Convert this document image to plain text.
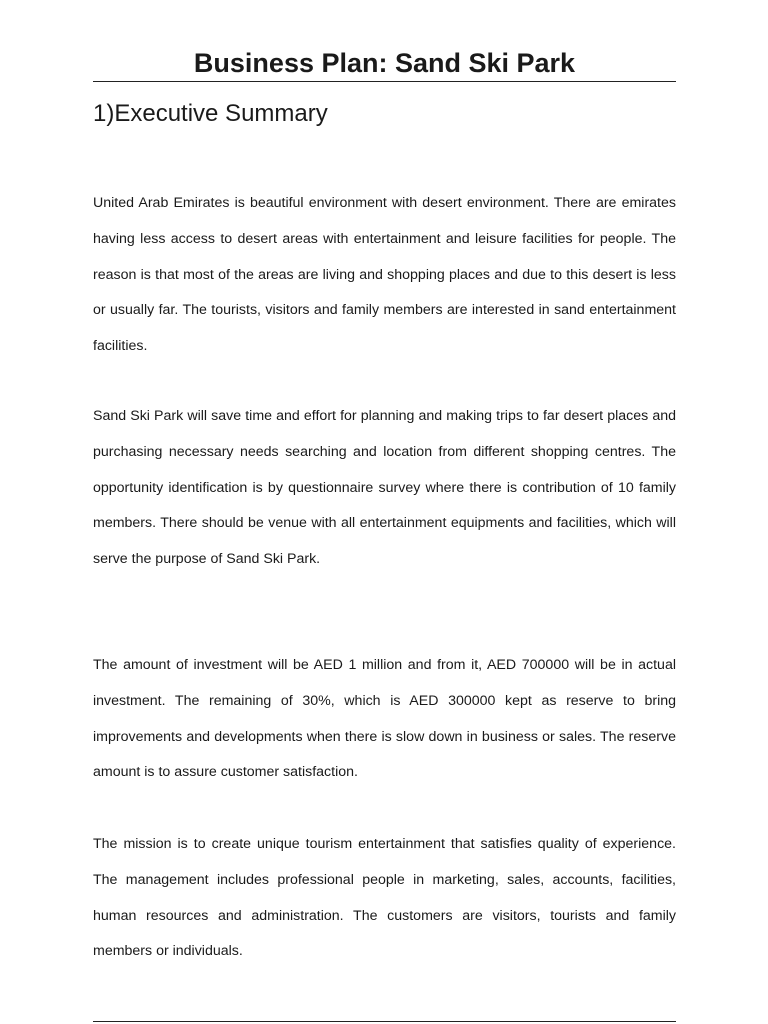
Business Plan: Sand Ski Park
1)Executive Summary

United Arab Emirates is beautiful environment with desert environment. There are emirates having less access to desert areas with entertainment and leisure facilities for people. The reason is that most of the areas are living and shopping places and due to this desert is less or usually far. The tourists, visitors and family members are interested in sand entertainment facilities.

Sand Ski Park will save time and effort for planning and making trips to far desert places and purchasing necessary needs searching and location from different shopping centres. The opportunity identification is by questionnaire survey where there is contribution of 10 family members. There should be venue with all entertainment equipments and facilities, which will serve the purpose of Sand Ski Park.

The amount of investment will be AED 1 million and from it, AED 700000 will be in actual investment. The remaining of 30%, which is AED 300000 kept as reserve to bring improvements and developments when there is slow down in business or sales. The reserve amount is to assure customer satisfaction.

The mission is to create unique tourism entertainment that satisfies quality of experience. The management includes professional people in marketing, sales, accounts, facilities, human resources and administration. The customers are visitors, tourists and family members or individuals.
